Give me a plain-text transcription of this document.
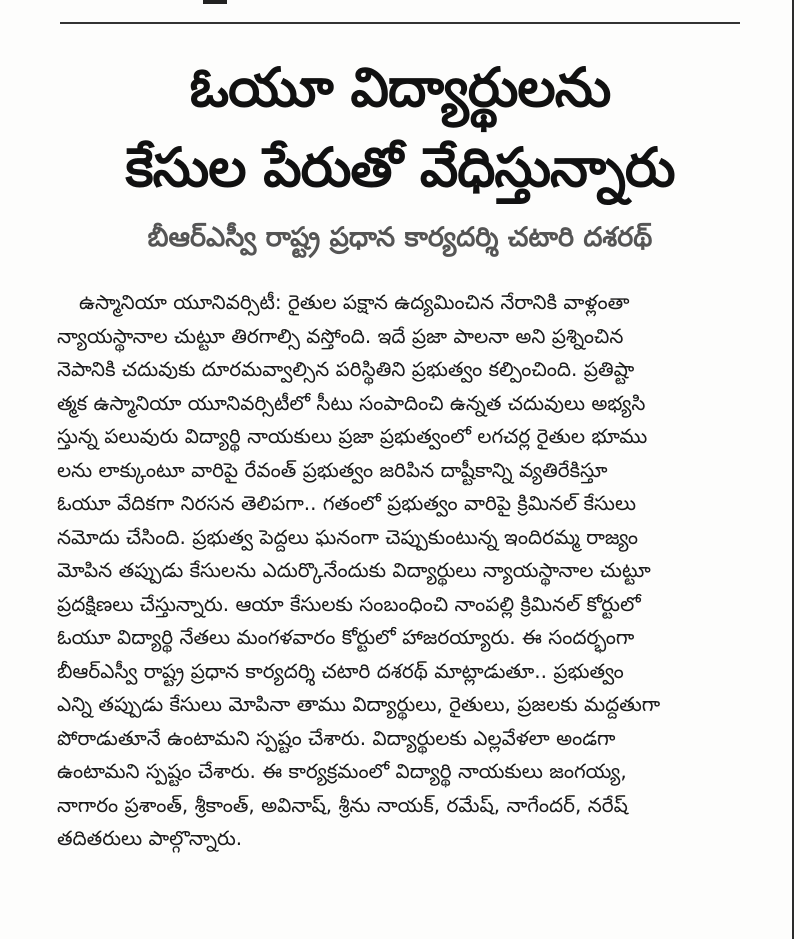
ఓయూ విద్యార్థులను
కేసుల పేరుతో వేధిస్తున్నారు
బీఆర్‌ఎస్వీ రాష్ట్ర ప్రధాన కార్యదర్శి చటారి దశరథ్
ఉస్మానియా యూనివర్సిటీ: రైతుల పక్షాన ఉద్యమించిన నేరానికి వాళ్లంతా
న్యాయస్థానాల చుట్టూ తిరగాల్సి వస్తోంది. ఇదే ప్రజా పాలనా అని ప్రశ్నించిన
నెపానికి చదువుకు దూరమవ్వాల్సిన పరిస్థితిని ప్రభుత్వం కల్పించింది. ప్రతిష్టా
త్మక ఉస్మానియా యూనివర్సిటీలో సీటు సంపాదించి ఉన్నత చదువులు అభ్యసి
స్తున్న పలువురు విద్యార్థి నాయకులు ప్రజా ప్రభుత్వంలో లగచర్ల రైతుల భూము
లను లాక్కుంటూ వారిపై రేవంత్ ప్రభుత్వం జరిపిన దాష్టీకాన్ని వ్యతిరేకిస్తూ
ఓయూ వేదికగా నిరసన తెలిపగా.. గతంలో ప్రభుత్వం వారిపై క్రిమినల్ కేసులు
నమోదు చేసింది. ప్రభుత్వ పెద్దలు ఘనంగా చెప్పుకుంటున్న ఇందిరమ్మ రాజ్యం
మోపిన తప్పుడు కేసులను ఎదుర్కొనేందుకు విద్యార్థులు న్యాయస్థానాల చుట్టూ
ప్రదక్షిణలు చేస్తున్నారు. ఆయా కేసులకు సంబంధించి నాంపల్లి క్రిమినల్ కోర్టులో
ఓయూ విద్యార్థి నేతలు మంగళవారం కోర్టులో హాజరయ్యారు. ఈ సందర్భంగా
బీఆర్‌ఎస్వీ రాష్ట్ర ప్రధాన కార్యదర్శి చటారి దశరథ్ మాట్లాడుతూ.. ప్రభుత్వం
ఎన్ని తప్పుడు కేసులు మోపినా తాము విద్యార్థులు, రైతులు, ప్రజలకు మద్దతుగా
పోరాడుతూనే ఉంటామని స్పష్టం చేశారు. విద్యార్థులకు ఎల్లవేళలా అండగా
ఉంటామని స్పష్టం చేశారు. ఈ కార్యక్రమంలో విద్యార్థి నాయకులు జంగయ్య,
నాగారం ప్రశాంత్, శ్రీకాంత్, అవినాష్, శ్రీను నాయక్, రమేష్, నాగేందర్, నరేష్
తదితరులు పాల్గొన్నారు.
